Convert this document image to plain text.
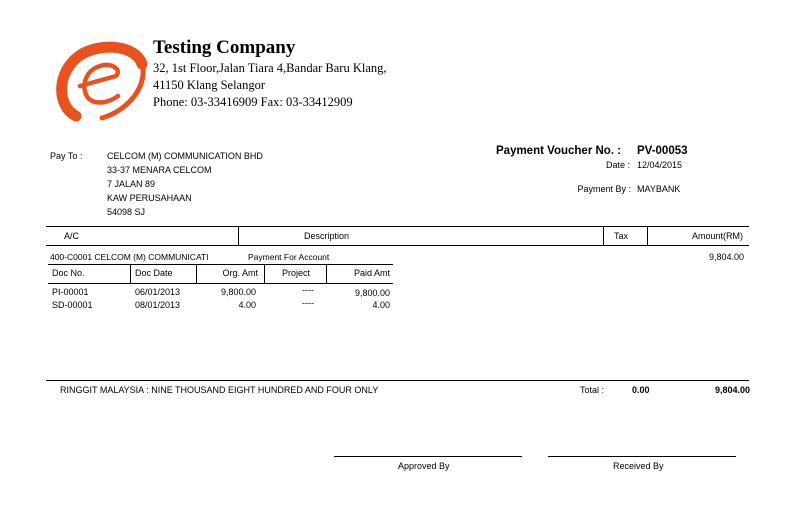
Testing Company
32, 1st Floor,Jalan Tiara 4,Bandar Baru Klang,
41150 Klang Selangor
Phone: 03-33416909 Fax: 03-33412909
Pay To :	CELCOM (M) COMMUNICATION BHD
33-37 MENARA CELCOM
7 JALAN 89
KAW PERUSAHAAN
54098 SJ
Payment Voucher No. : PV-00053
Date : 12/04/2015
Payment By : MAYBANK
A/C	Description	Tax	Amount(RM)
400-C0001 CELCOM (M) COMMUNICATI	Payment For Account	9,804.00
Doc No.	Doc Date	Org. Amt	Project	Paid Amt
PI-00001	06/01/2013	9,800.00	----	9,800.00
SD-00001	08/01/2013	4.00	----	4.00
RINGGIT MALAYSIA : NINE THOUSAND EIGHT HUNDRED AND FOUR ONLY	Total :	0.00	9,804.00
Approved By	Received By
